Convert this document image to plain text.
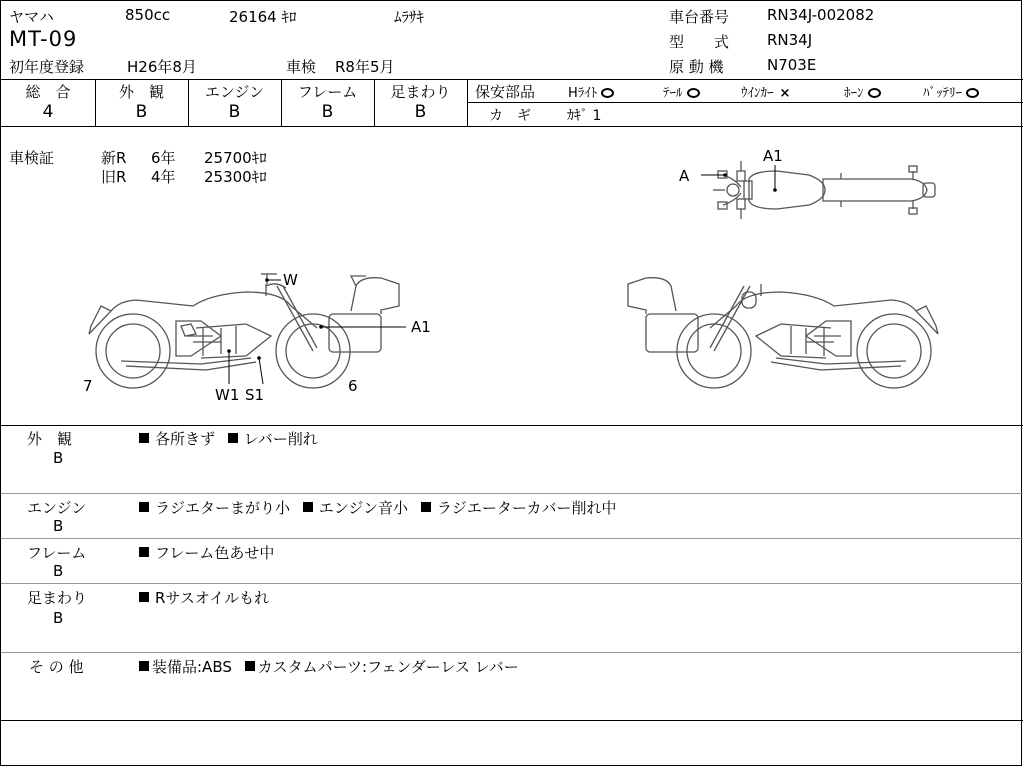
ヤマハ	850cc	26164 ｷﾛ	ﾑﾗｻｷ
MT-09
初年度登録	H26年8月	車検 R8年5月
車台番号	RN34J-002082
型　　式	RN34J
原 動 機	N703E
総　合
4
外　観
B
エンジン
B
フレーム
B
足まわり
B
保安部品	Hﾗｲﾄ	ﾃｰﾙ	ｳｲﾝｶｰ ×	ﾎｰﾝ	ﾊﾞｯﾃﾘｰ
カ　ギ	ｶｷﾞ 1
車検証	新R 6年 25700ｷﾛ
旧R 4年 25300ｷﾛ
A1
A
W
A1
7	6
W1 S1
外　観
B
各所きず レバー削れ
エンジン
B
ラジエターまがり小 エンジン音小 ラジエーターカバー削れ中
フレーム
B
フレーム色あせ中
足まわり
B
Rサスオイルもれ
そ の 他	装備品:ABS カスタムパーツ:フェンダーレス レバー
